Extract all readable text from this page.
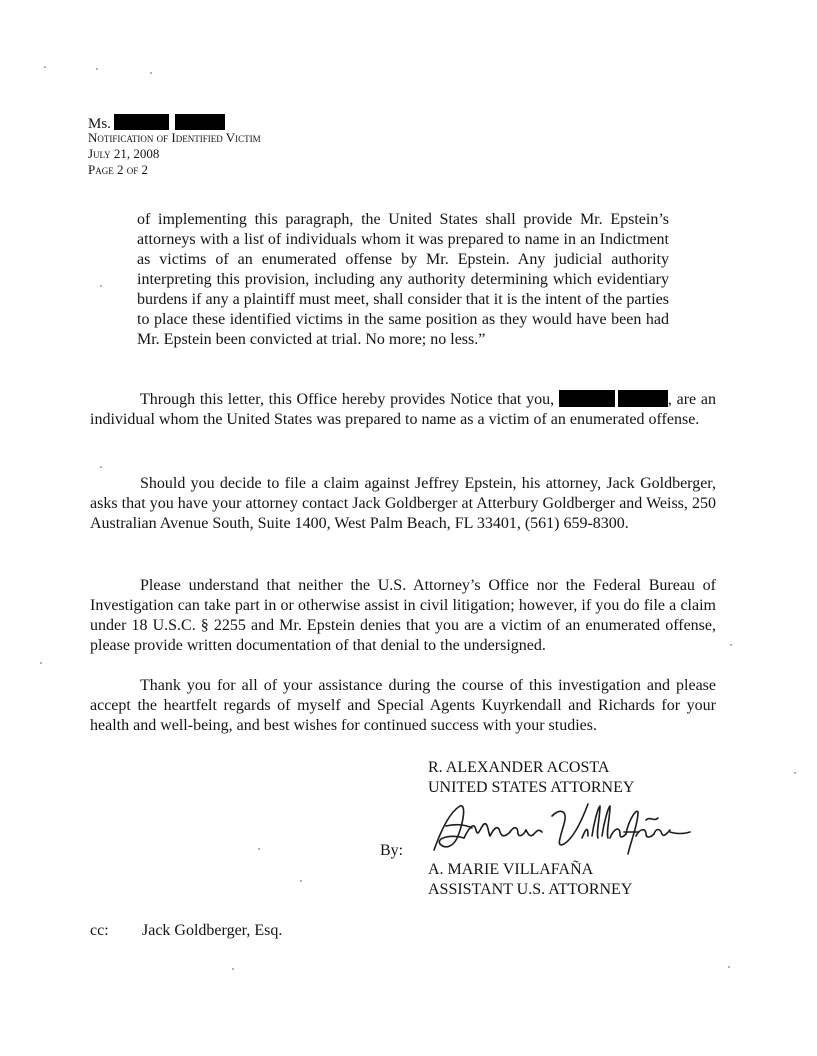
Ms.
Notification of Identified Victim
July 21, 2008
Page 2 of 2
of implementing this paragraph, the United States shall provide Mr. Epstein’s attorneys with a list of individuals whom it was prepared to name in an Indictment as victims of an enumerated offense by Mr. Epstein. Any judicial authority interpreting this provision, including any authority determining which evidentiary burdens if any a plaintiff must meet, shall consider that it is the intent of the parties to place these identified victims in the same position as they would have been had Mr. Epstein been convicted at trial. No more; no less.”
Through this letter, this Office hereby provides Notice that you,	, are an individual whom the United States was prepared to name as a victim of an enumerated offense.
Should you decide to file a claim against Jeffrey Epstein, his attorney, Jack Goldberger, asks that you have your attorney contact Jack Goldberger at Atterbury Goldberger and Weiss, 250 Australian Avenue South, Suite 1400, West Palm Beach, FL 33401, (561) 659-8300.
Please understand that neither the U.S. Attorney’s Office nor the Federal Bureau of Investigation can take part in or otherwise assist in civil litigation; however, if you do file a claim under 18 U.S.C. § 2255 and Mr. Epstein denies that you are a victim of an enumerated offense, please provide written documentation of that denial to the undersigned.
Thank you for all of your assistance during the course of this investigation and please accept the heartfelt regards of myself and Special Agents Kuyrkendall and Richards for your health and well-being, and best wishes for continued success with your studies.
R. ALEXANDER ACOSTA
UNITED STATES ATTORNEY
By:
A. MARIE VILLAFAÑA
ASSISTANT U.S. ATTORNEY
cc: Jack Goldberger, Esq.
